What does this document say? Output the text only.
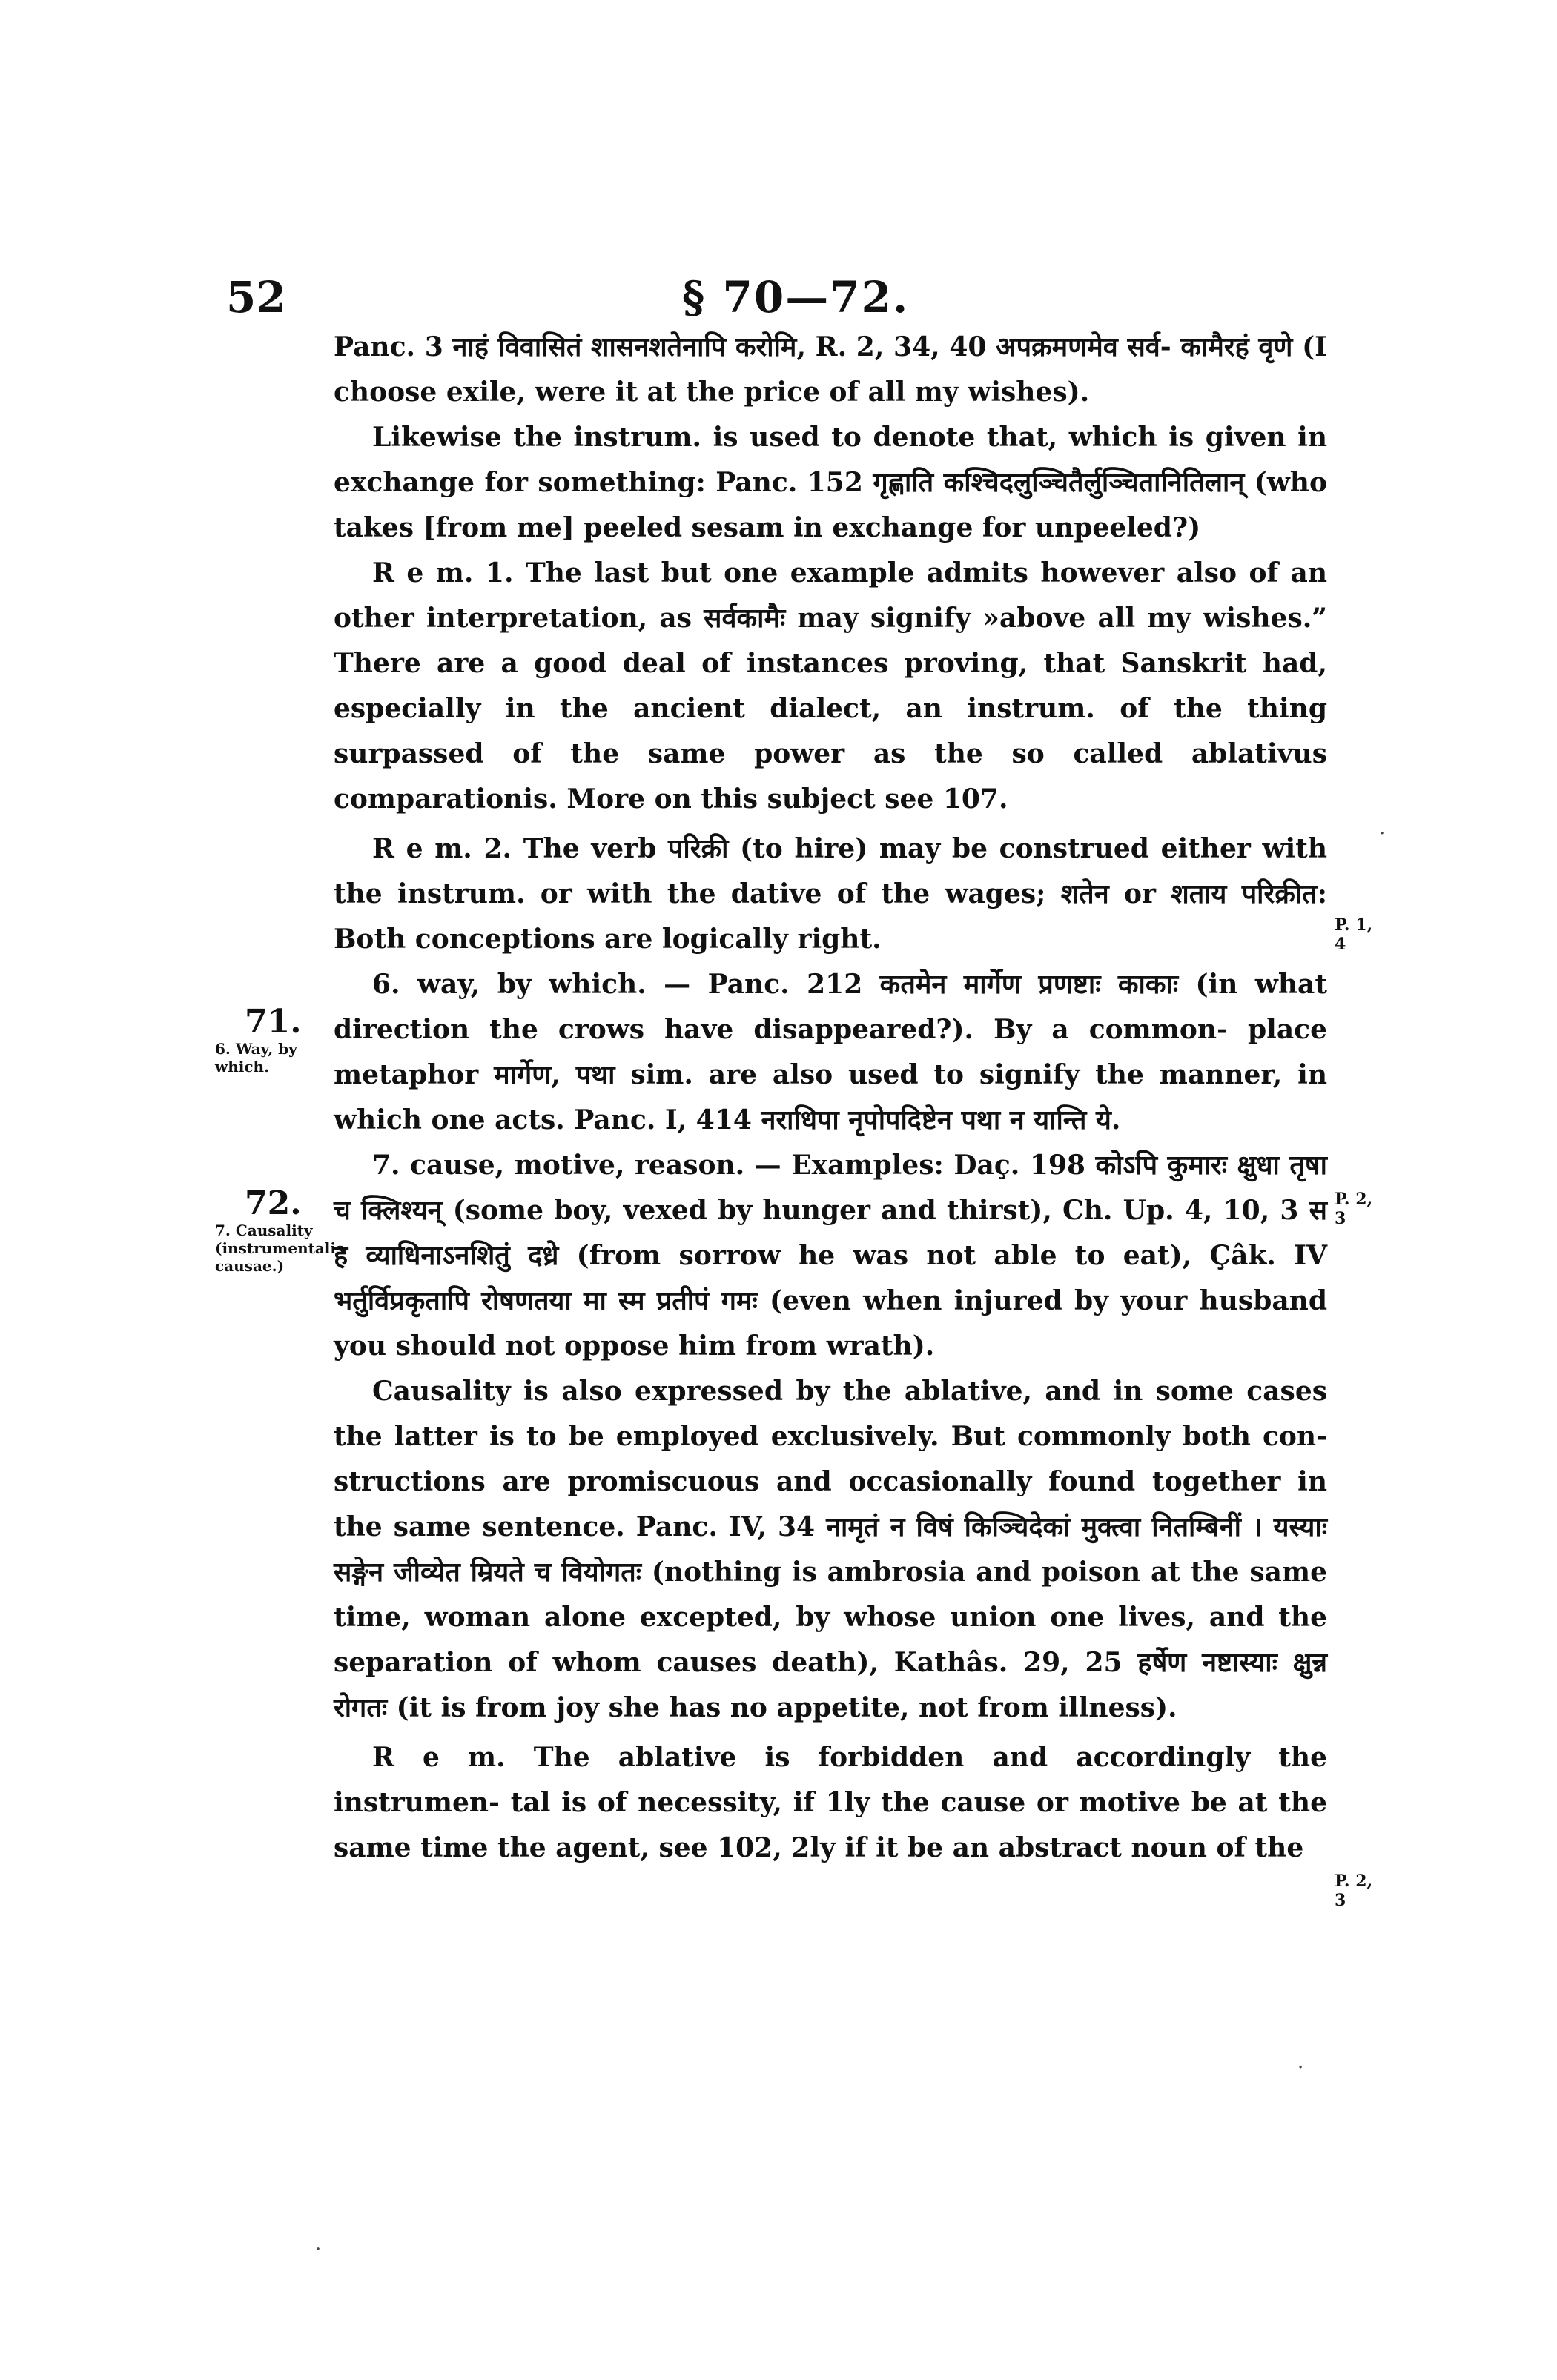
52	§ 70—72.

Panc. 3 नाहं विवासितं शासनशतेनापि करोमि, R. 2, 34, 40 अपक्रमणमेव सर्व- कामैरहं वृणे (I choose exile, were it at the price of all my wishes).

Likewise the instrum. is used to denote that, which is given in exchange for something: Panc. 152 गृह्णाति कश्चिदलुञ्चितैर्लुञ्चितानितिलान् (who takes [from me] peeled sesam in exchange for unpeeled?)

R e m. 1. The last but one example admits however also of an other interpretation, as सर्वकामैः may signify »above all my wishes.” There are a good deal of instances proving, that Sanskrit had, especially in the ancient dialect, an instrum. of the thing surpassed of the same power as the so called ablativus comparationis. More on this subject see 107.

R e m. 2. The verb परिक्री (to hire) may be construed either with the instrum. or with the dative of the wages; शतेन or शताय परिक्रीत: Both conceptions are logically right.

6. way, by which. — Panc. 212 कतमेन मार्गेण प्रणष्टाः काकाः (in what direction the crows have disappeared?). By a common- place metaphor मार्गेण, पथा sim. are also used to signify the manner, in which one acts. Panc. I, 414 नराधिपा नृपोपदिष्टेन पथा न यान्ति ये.

7. cause, motive, reason. — Examples: Daç. 198 कोऽपि कुमारः क्षुधा तृषा च क्लिश्यन् (some boy, vexed by hunger and thirst), Ch. Up. 4, 10, 3 स ह व्याधिनाऽनशितुं दध्रे (from sorrow he was not able to eat), Çâk. IV भर्तुर्विप्रकृतापि रोषणतया मा स्म प्रतीपं गमः (even when injured by your husband you should not oppose him from wrath).

Causality is also expressed by the ablative, and in some cases the latter is to be employed exclusively. But commonly both con- structions are promiscuous and occasionally found together in the same sentence. Panc. IV, 34 नामृतं न विषं किञ्चिदेकां मुक्त्वा नितम्बिनीं । यस्याः सङ्गेन जीव्येत म्रियते च वियोगतः (nothing is ambrosia and poison at the same time, woman alone excepted, by whose union one lives, and the separation of whom causes death), Kathâs. 29, 25 हर्षेण नष्टास्याः क्षुन्न रोगतः (it is from joy she has no appetite, not from illness).

R e m. The ablative is forbidden and accordingly the instrumen- tal is of necessity, if 1ly the cause or motive be at the same time the agent, see 102, 2ly if it be an abstract noun of the

71.
6. Way, by which.
72.
7. Causality (instrumentalis causae.)
P. 1, 4
P. 2, 3
P. 2, 3
·
·
·
